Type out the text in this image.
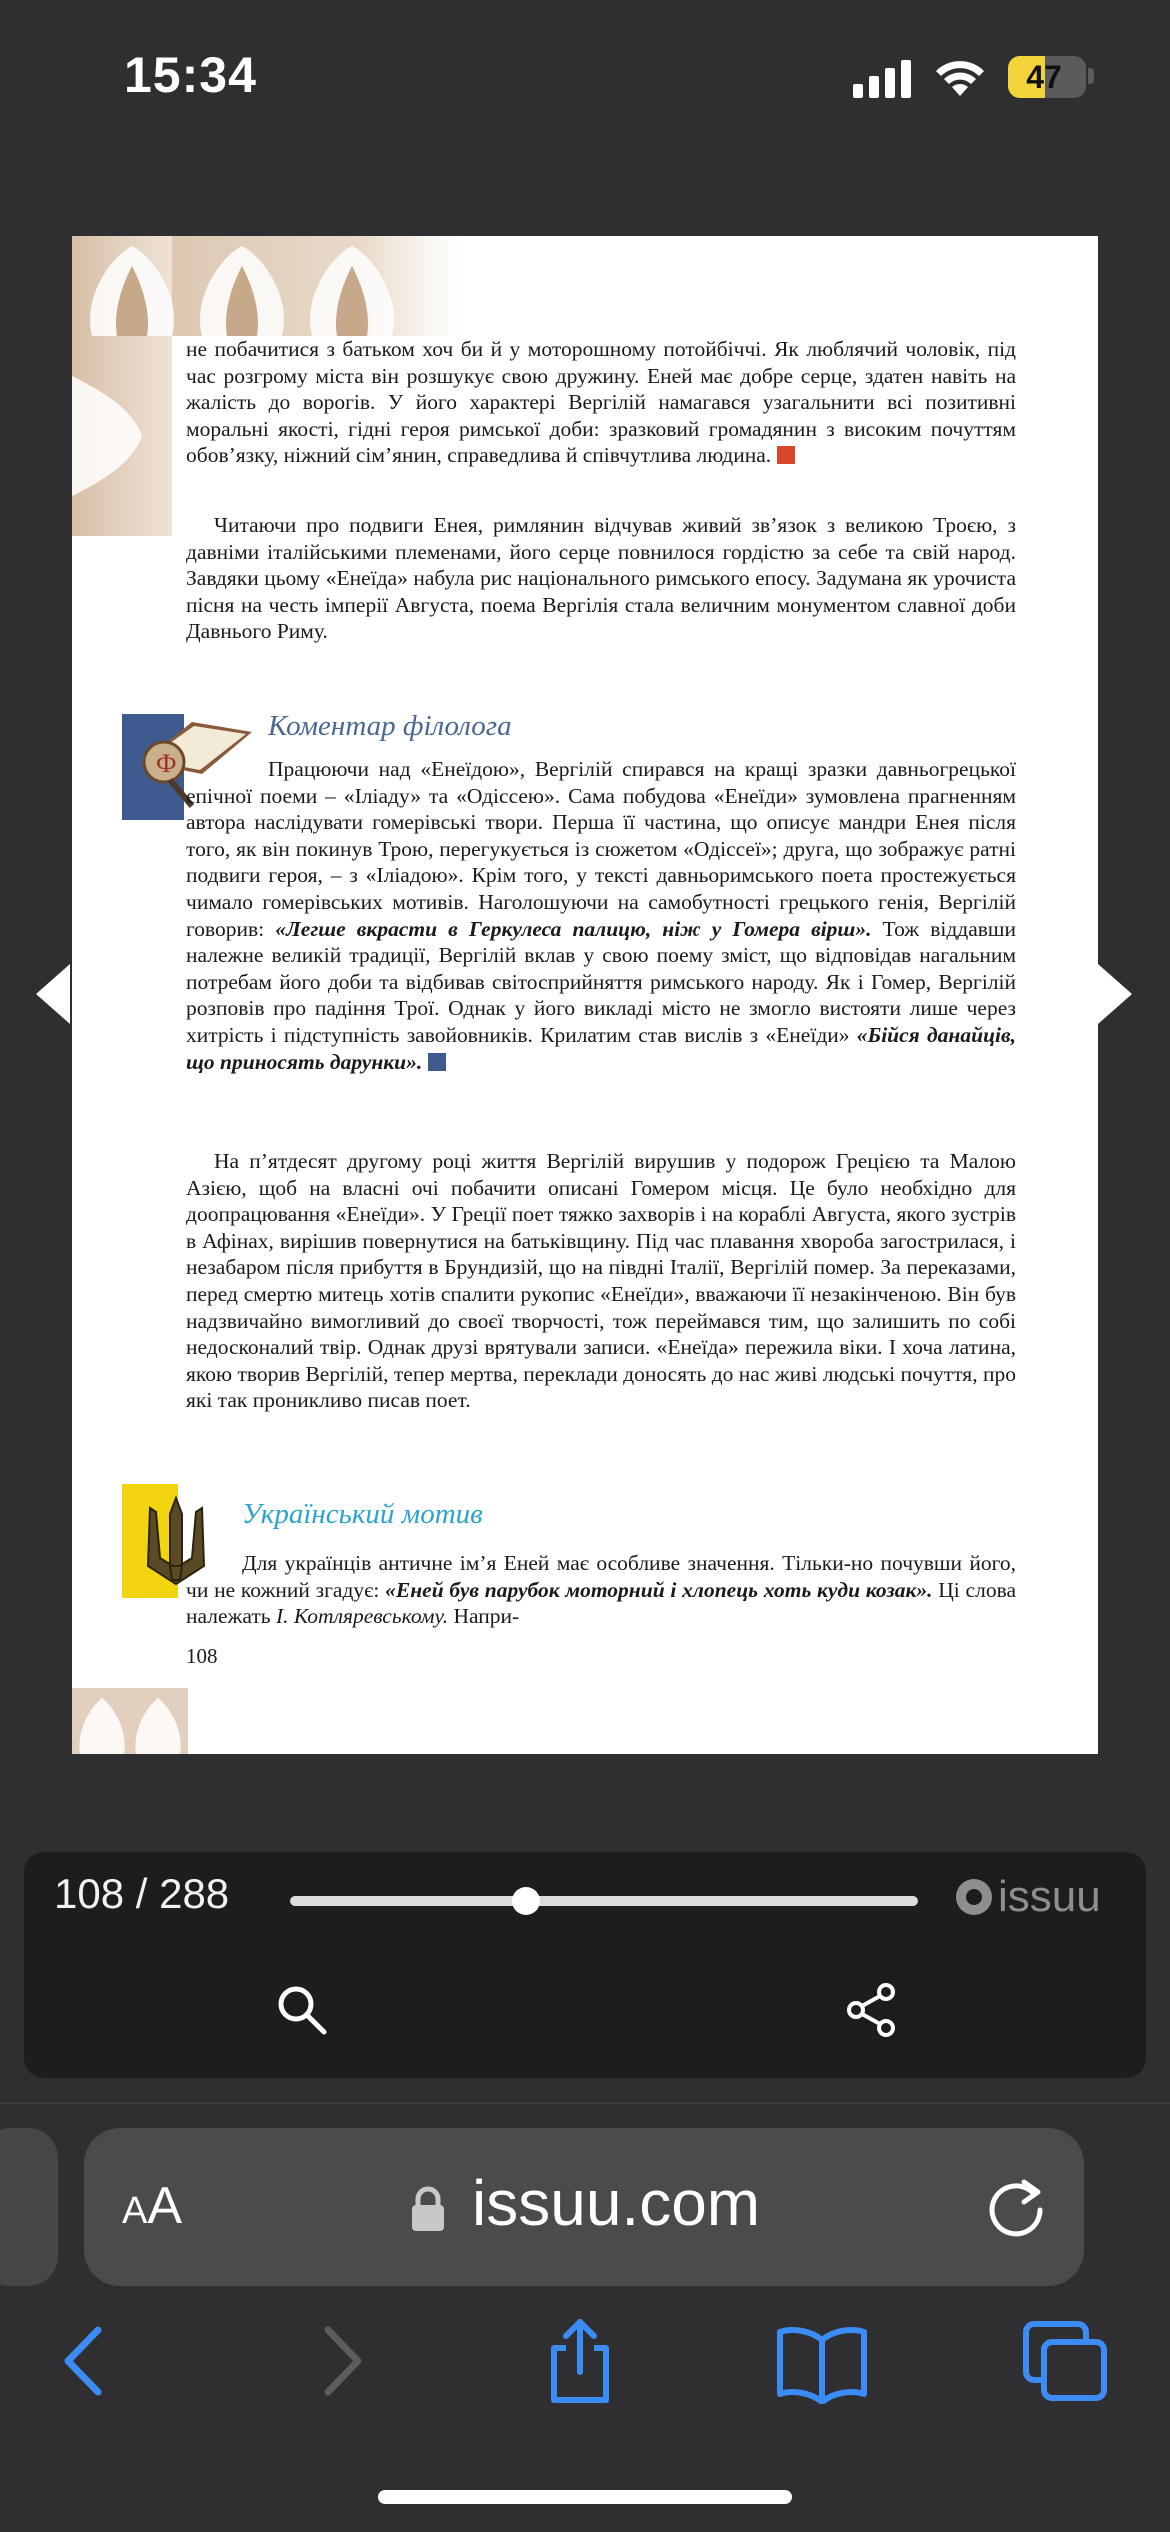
15:34	47

не побачитися з батьком хоч би й у моторошному потойбіччі. Як люблячий чоловік, під час розгрому міста він розшукує свою дружину. Еней має добре серце, здатен навіть на жалість до ворогів. У його характері Вергілій намагався узагальнити всі позитивні моральні якості, гідні героя римської доби: зразковий громадянин з високим почуттям обов’язку, ніжний сім’янин, справедлива й співчутлива людина.

Читаючи про подвиги Енея, римлянин відчував живий зв’язок з великою Троєю, з давніми італійськими племенами, його серце повнилося гордістю за себе та свій народ. Завдяки цьому «Енеїда» набула рис національного римського епосу. Задумана як урочиста пісня на честь імперії Августа, поема Вергілія стала величним монументом славної доби Давнього Риму.

Ф
Коментар філолога

Працюючи над «Енеїдою», Вергілій спирався на кращі зразки давньогрецької епічної поеми – «Іліаду» та «Одіссею». Сама побудова «Енеїди» зумовлена прагненням автора наслідувати гомерівські твори. Перша її частина, що описує мандри Енея після того, як він покинув Трою, перегукується із сюжетом «Одіссеї»; друга, що зображує ратні подвиги героя, – з «Іліадою». Крім того, у тексті давньоримського поета простежується чимало гомерівських мотивів. Наголошуючи на самобутності грецького генія, Вергілій говорив: «Легше вкрасти в Геркулеса палицю, ніж у Гомера вірш». Тож віддавши належне великій традиції, Вергілій вклав у свою поему зміст, що відповідав нагальним потребам його доби та відбивав світосприйняття римського народу. Як і Гомер, Вергілій розповів про падіння Трої. Однак у його викладі місто не змогло вистояти лише через хитрість і підступність завойовників. Крилатим став вислів з «Енеїди» «Бійся данайців, що приносять дарунки».

На п’ятдесят другому році життя Вергілій вирушив у подорож Грецією та Малою Азією, щоб на власні очі побачити описані Гомером місця. Це було необхідно для доопрацювання «Енеїди». У Греції поет тяжко захворів і на кораблі Августа, якого зустрів в Афінах, вирішив повернутися на батьківщину. Під час плавання хвороба загострилася, і незабаром після прибуття в Брундизій, що на півдні Італії, Вергілій помер. За переказами, перед смертю митець хотів спалити рукопис «Енеїди», вважаючи її незакінченою. Він був надзвичайно вимогливий до своєї творчості, тож переймався тим, що залишить по собі недосконалий твір. Однак друзі врятували записи. «Енеїда» пережила віки. І хоча латина, якою творив Вергілій, тепер мертва, переклади доносять до нас живі людські почуття, про які так проникливо писав поет.

Український мотив

Для українців античне ім’я Еней має особливе значення. Тільки-но почувши його, чи не кожний згадує: «Еней був парубок моторний і хлопець хоть куди козак». Ці слова належать І. Котляревському. Напри-

108
108 / 288	issuu
AA	issuu.com
